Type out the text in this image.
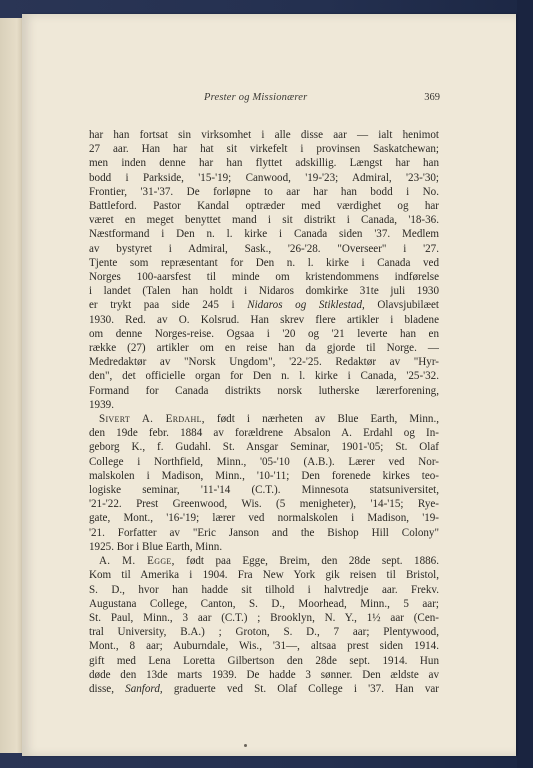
Prester og Missionærer	369
har han fortsat sin virksomhet i alle disse aar — ialt henimot
27 aar. Han har hat sit virkefelt i provinsen Saskatchewan;
men inden denne har han flyttet adskillig. Længst har han
bodd i Parkside, '15-'19; Canwood, '19-'23; Admiral, '23-'30;
Frontier, '31-'37. De forløpne to aar har han bodd i No.
Battleford. Pastor Kandal optræder med værdighet og har
været en meget benyttet mand i sit distrikt i Canada, '18-36.
Næstformand i Den n. l. kirke i Canada siden '37. Medlem
av bystyret i Admiral, Sask., '26-'28. "Overseer" i '27.
Tjente som repræsentant for Den n. l. kirke i Canada ved
Norges 100-aarsfest til minde om kristendommens indførelse
i landet (Talen han holdt i Nidaros domkirke 31te juli 1930
er trykt paa side 245 i Nidaros og Stiklestad, Olavsjubilæet
1930. Red. av O. Kolsrud. Han skrev flere artikler i bladene
om denne Norges-reise. Ogsaa i '20 og '21 leverte han en
række (27) artikler om en reise han da gjorde til Norge. —
Medredaktør av "Norsk Ungdom", '22-'25. Redaktør av "Hyr-
den", det officielle organ for Den n. l. kirke i Canada, '25-'32.
Formand for Canada distrikts norsk lutherske lærerforening,
1939.
Sivert A. Erdahl, født i nærheten av Blue Earth, Minn.,
den 19de febr. 1884 av forældrene Absalon A. Erdahl og In-
geborg K., f. Gudahl. St. Ansgar Seminar, 1901-'05; St. Olaf
College i Northfield, Minn., '05-'10 (A.B.). Lærer ved Nor-
malskolen i Madison, Minn., '10-'11; Den forenede kirkes teo-
logiske seminar, '11-'14 (C.T.). Minnesota statsuniversitet,
'21-'22. Prest Greenwood, Wis. (5 menigheter), '14-'15; Rye-
gate, Mont., '16-'19; lærer ved normalskolen i Madison, '19-
'21. Forfatter av "Eric Janson and the Bishop Hill Colony"
1925. Bor i Blue Earth, Minn.
A. M. Egge, født paa Egge, Breim, den 28de sept. 1886.
Kom til Amerika i 1904. Fra New York gik reisen til Bristol,
S. D., hvor han hadde sit tilhold i halvtredje aar. Frekv.
Augustana College, Canton, S. D., Moorhead, Minn., 5 aar;
St. Paul, Minn., 3 aar (C.T.) ; Brooklyn, N. Y., 1½ aar (Cen-
tral University, B.A.) ; Groton, S. D., 7 aar; Plentywood,
Mont., 8 aar; Auburndale, Wis., '31—, altsaa prest siden 1914.
gift med Lena Loretta Gilbertson den 28de sept. 1914. Hun
døde den 13de marts 1939. De hadde 3 sønner. Den ældste av
disse, Sanford, graduerte ved St. Olaf College i '37. Han var
